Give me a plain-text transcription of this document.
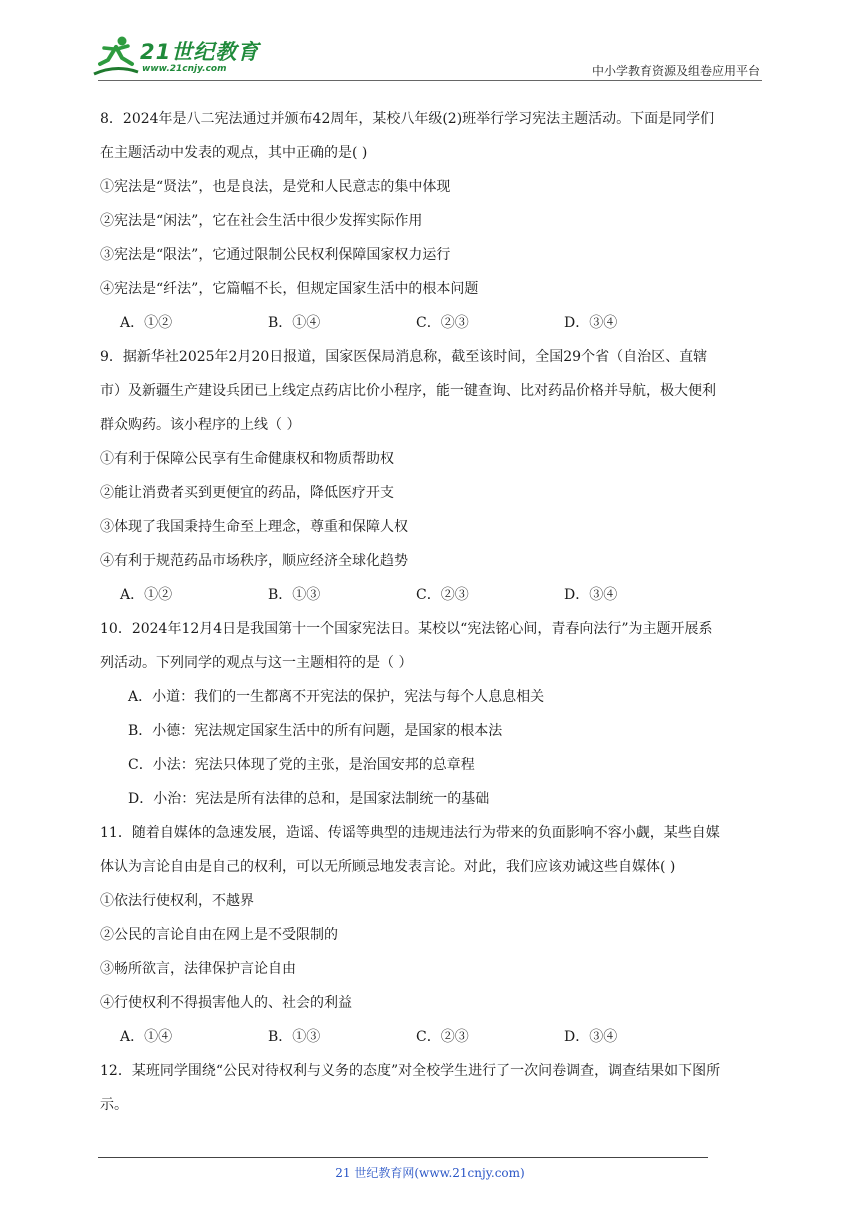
21世纪教育
www.21cnjy.com	中小学教育资源及组卷应用平台
8．2024年是八二宪法通过并颁布42周年，某校八年级(2)班举行学习宪法主题活动。下面是同学们
在主题活动中发表的观点，其中正确的是( )
①宪法是“贤法”，也是良法，是党和人民意志的集中体现
②宪法是“闲法”，它在社会生活中很少发挥实际作用
③宪法是“限法”，它通过限制公民权利保障国家权力运行
④宪法是“纤法”，它篇幅不长，但规定国家生活中的根本问题
A．①②	B．①④	C．②③	D．③④
9．据新华社2025年2月20日报道，国家医保局消息称，截至该时间，全国29个省（自治区、直辖
市）及新疆生产建设兵团已上线定点药店比价小程序，能一键查询、比对药品价格并导航，极大便利
群众购药。该小程序的上线（ ）
①有利于保障公民享有生命健康权和物质帮助权
②能让消费者买到更便宜的药品，降低医疗开支
③体现了我国秉持生命至上理念，尊重和保障人权
④有利于规范药品市场秩序，顺应经济全球化趋势
A．①②	B．①③	C．②③	D．③④
10．2024年12月4日是我国第十一个国家宪法日。某校以“宪法铭心间，青春向法行”为主题开展系
列活动。下列同学的观点与这一主题相符的是（ ）
A．小道：我们的一生都离不开宪法的保护，宪法与每个人息息相关
B．小德：宪法规定国家生活中的所有问题，是国家的根本法
C．小法：宪法只体现了党的主张，是治国安邦的总章程
D．小治：宪法是所有法律的总和，是国家法制统一的基础
11．随着自媒体的急速发展，造谣、传谣等典型的违规违法行为带来的负面影响不容小觑，某些自媒
体认为言论自由是自己的权利，可以无所顾忌地发表言论。对此，我们应该劝诫这些自媒体( )
①依法行使权利，不越界
②公民的言论自由在网上是不受限制的
③畅所欲言，法律保护言论自由
④行使权利不得损害他人的、社会的利益
A．①④	B．①③	C．②③	D．③④
12．某班同学围绕“公民对待权利与义务的态度”对全校学生进行了一次问卷调查，调查结果如下图所
示。
21 世纪教育网(www.21cnjy.com)
